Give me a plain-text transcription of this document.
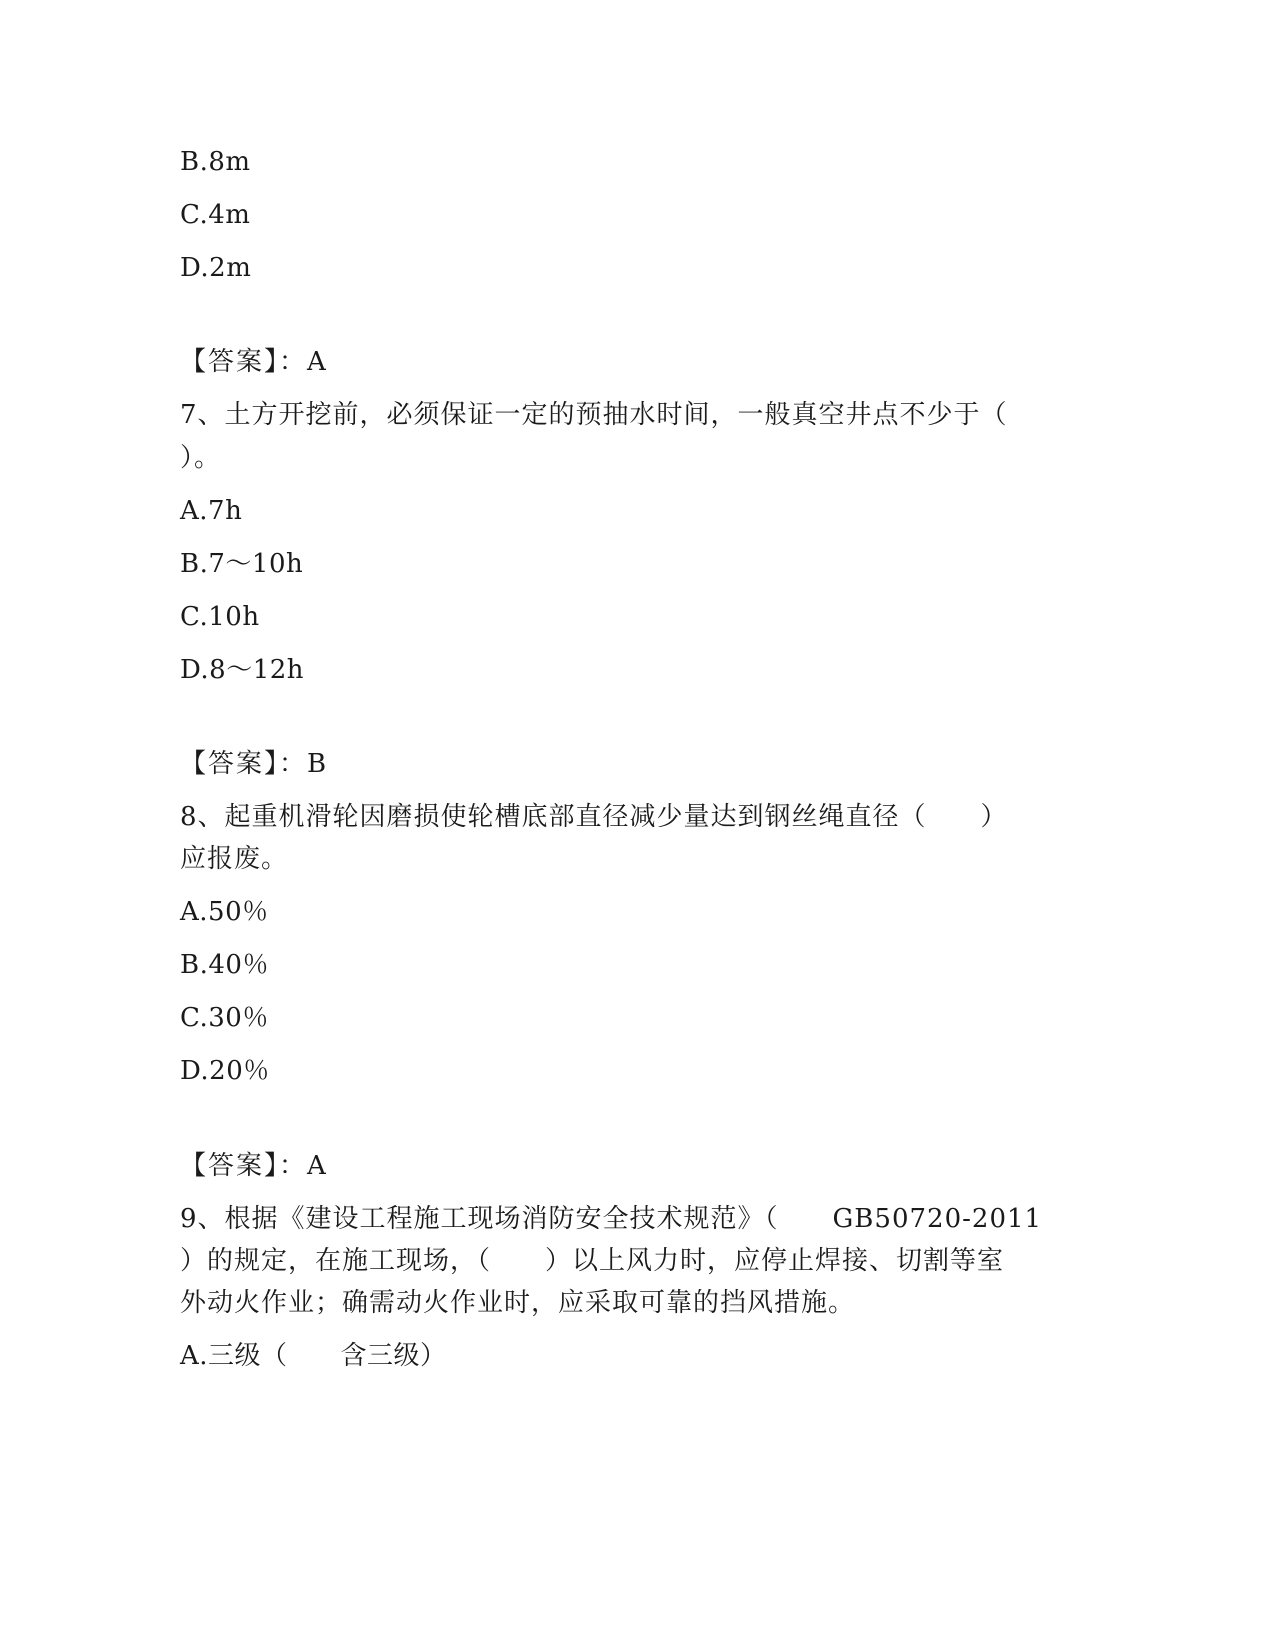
B.8m
C.4m
D.2m
【答案】：A
7、土方开挖前，必须保证一定的预抽水时间，一般真空井点不少于（
）。
A.7h
B.7～10h
C.10h
D.8～12h
【答案】：B
8、起重机滑轮因磨损使轮槽底部直径减少量达到钢丝绳直径（　　）
应报废。
A.50％
B.40％
C.30％
D.20％
【答案】：A
9、根据《建设工程施工现场消防安全技术规范》（　　GB50720-2011
）的规定，在施工现场，（　　）以上风力时，应停止焊接、切割等室
外动火作业；确需动火作业时，应采取可靠的挡风措施。
A.三级（　　含三级）
